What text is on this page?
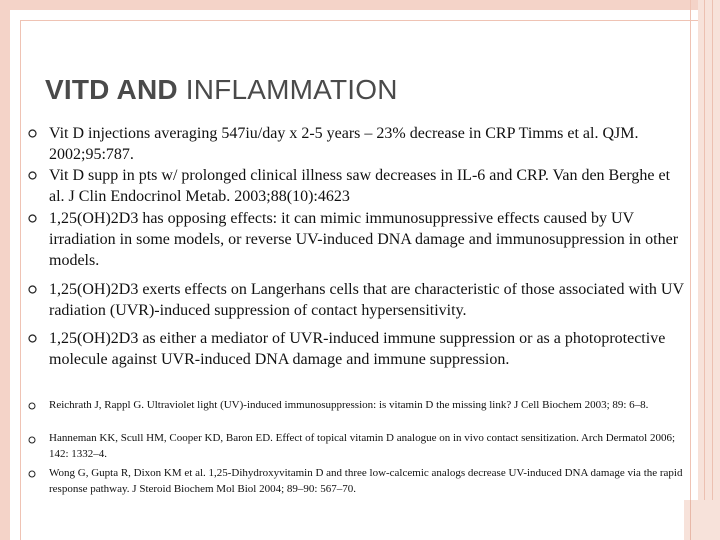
VITD AND INFLAMMATION
Vit D injections averaging 547iu/day x 2-5 years – 23% decrease in CRP Timms et al. QJM. 2002;95:787.
Vit D supp in pts w/ prolonged clinical illness saw decreases in IL-6 and CRP. Van den Berghe et al. J Clin Endocrinol Metab. 2003;88(10):4623
1,25(OH)2D3 has opposing effects: it can mimic immunosuppressive effects caused by UV irradiation in some models, or reverse UV-induced DNA damage and immunosuppression in other models.
1,25(OH)2D3 exerts effects on Langerhans cells that are characteristic of those associated with UV radiation (UVR)-induced suppression of contact hypersensitivity.
1,25(OH)2D3 as either a mediator of UVR-induced immune suppression or as a photoprotective molecule against UVR-induced DNA damage and immune suppression.
Reichrath J, Rappl G. Ultraviolet light (UV)-induced immunosuppression: is vitamin D the missing link? J Cell Biochem 2003; 89: 6–8.
Hanneman KK, Scull HM, Cooper KD, Baron ED. Effect of topical vitamin D analogue on in vivo contact sensitization. Arch Dermatol 2006; 142: 1332–4.
Wong G, Gupta R, Dixon KM et al. 1,25-Dihydroxyvitamin D and three low-calcemic analogs decrease UV-induced DNA damage via the rapid response pathway. J Steroid Biochem Mol Biol 2004; 89–90: 567–70.
